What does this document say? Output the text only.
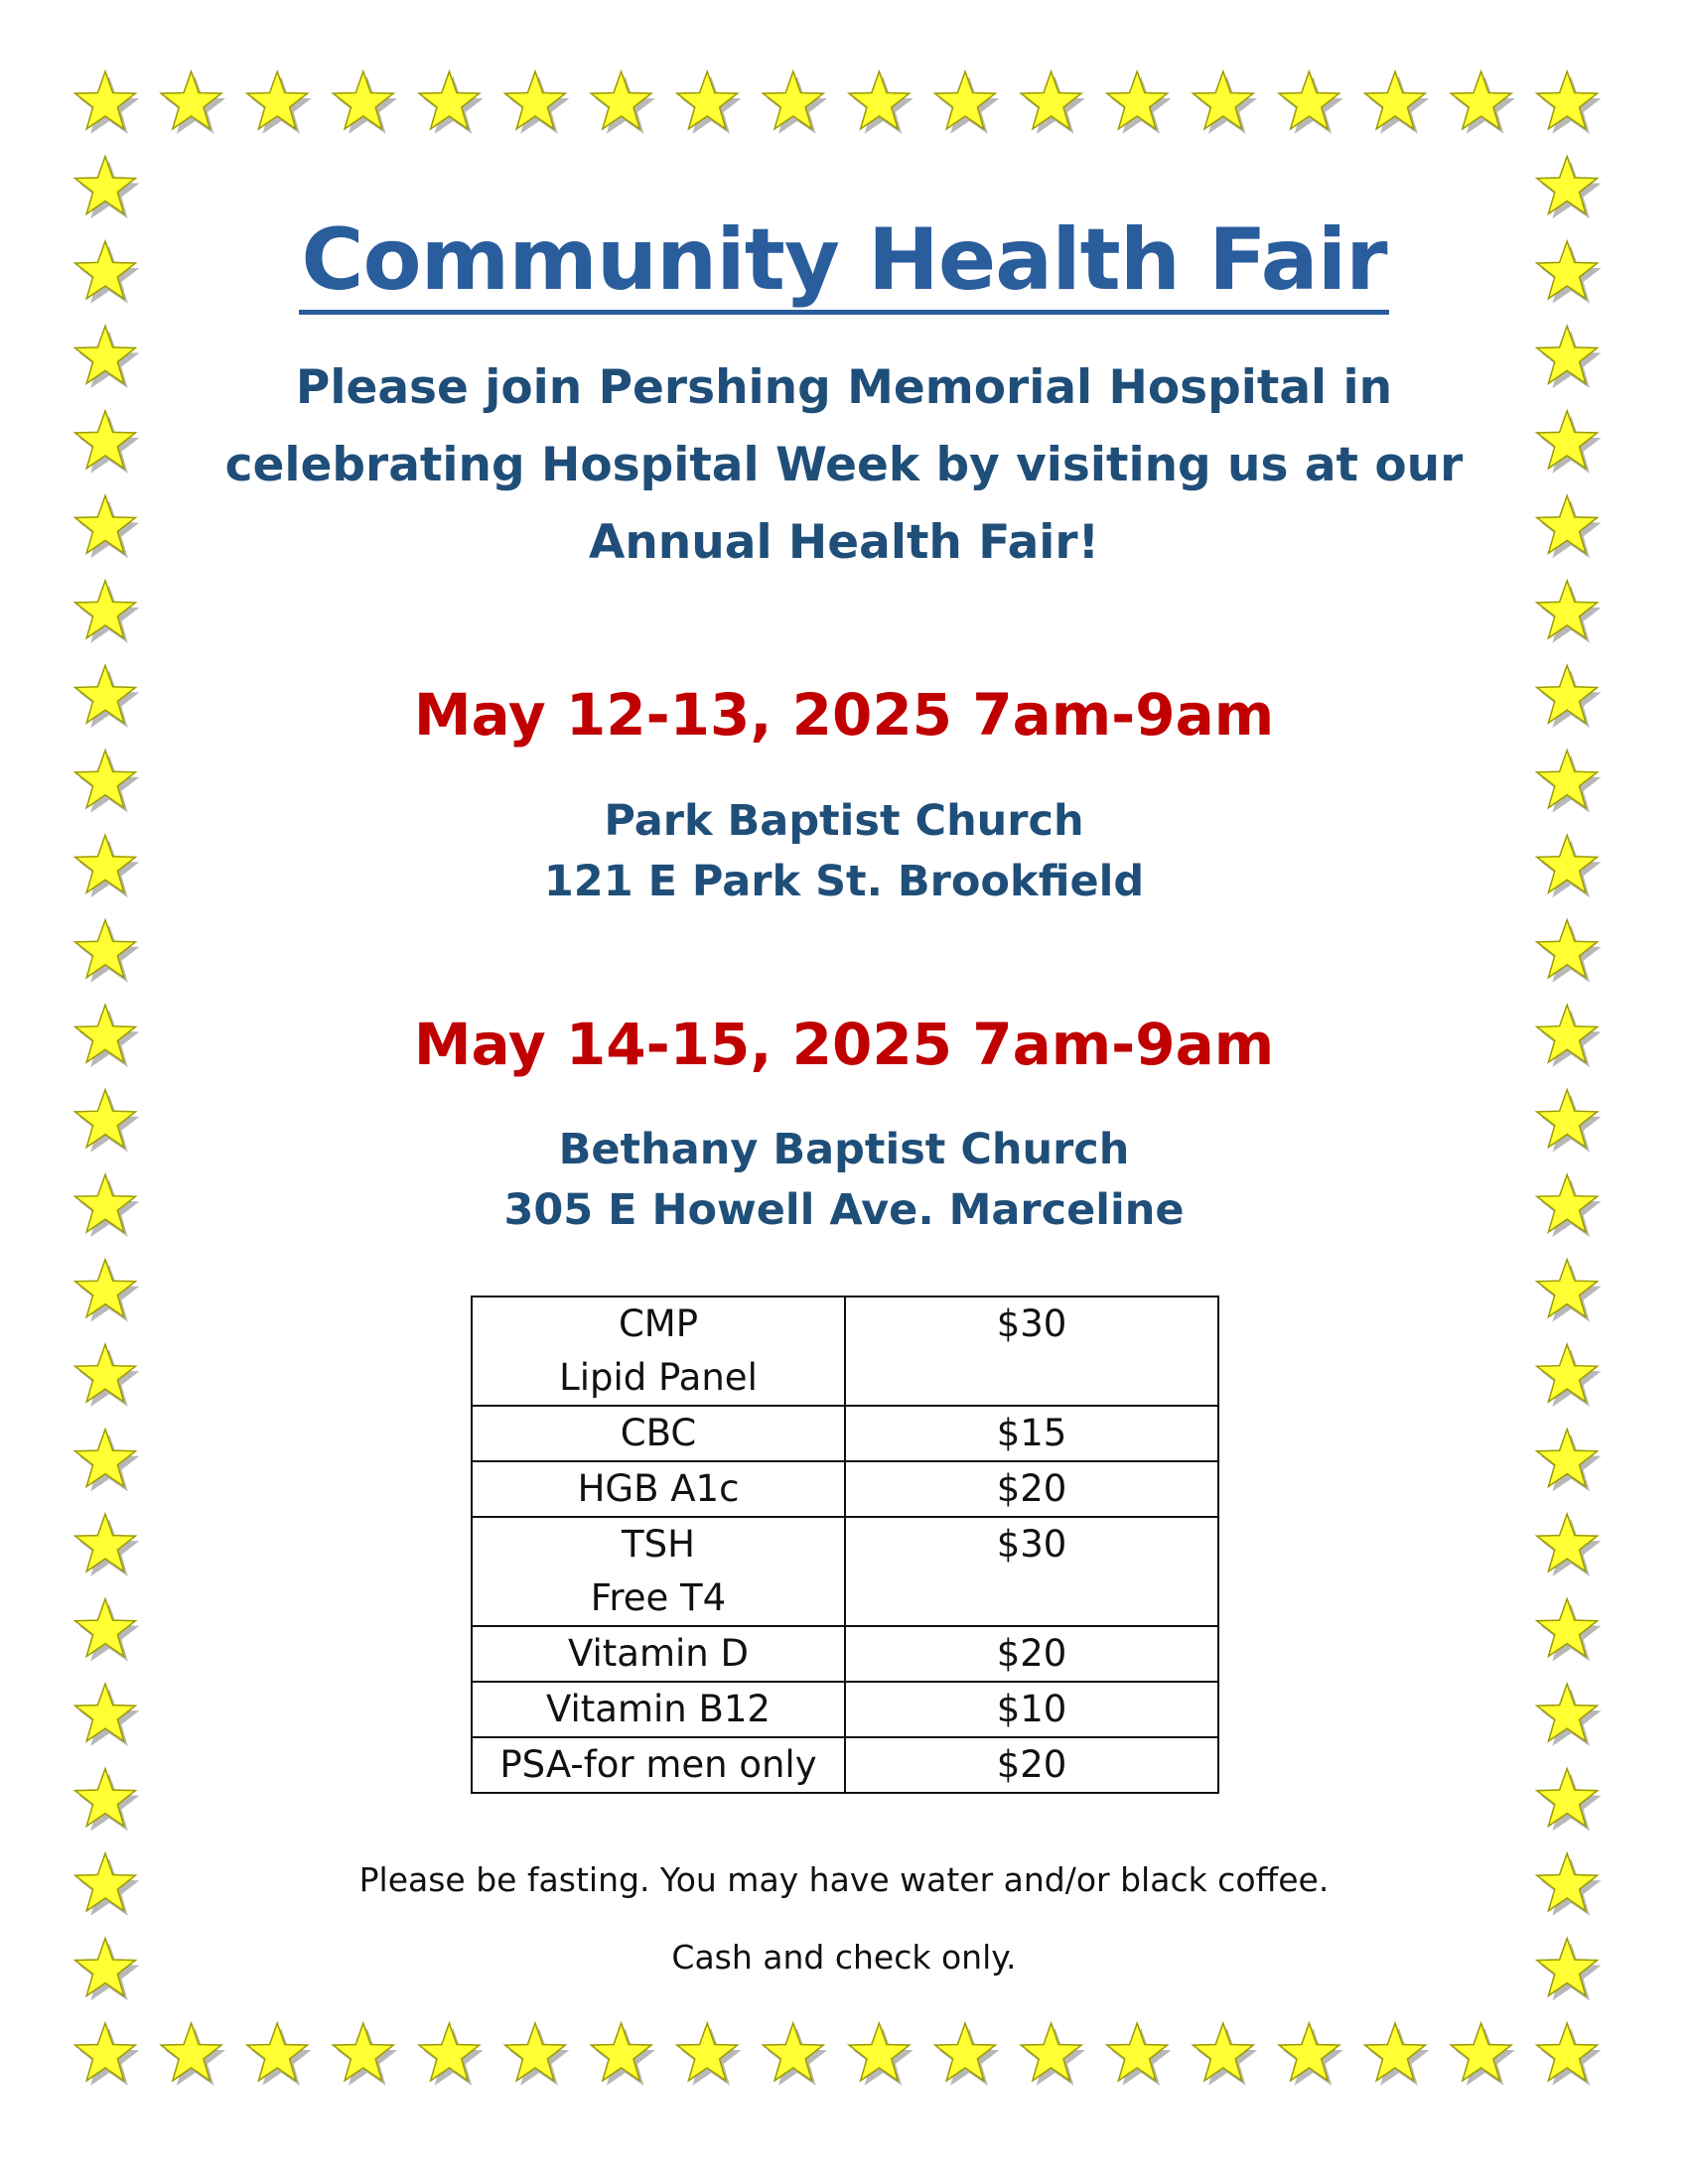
Community Health Fair
Please join Pershing Memorial Hospital in
celebrating Hospital Week by visiting us at our
Annual Health Fair!
May 12-13, 2025 7am-9am
Park Baptist Church
121 E Park St. Brookfield
May 14-15, 2025 7am-9am
Bethany Baptist Church
305 E Howell Ave. Marceline
CMP
Lipid Panel	$30

CBC	$15

HGB A1c	$20

TSH
Free T4	$30

Vitamin D	$20

Vitamin B12	$10

PSA-for men only	$20
Please be fasting. You may have water and/or black coffee.
Cash and check only.
